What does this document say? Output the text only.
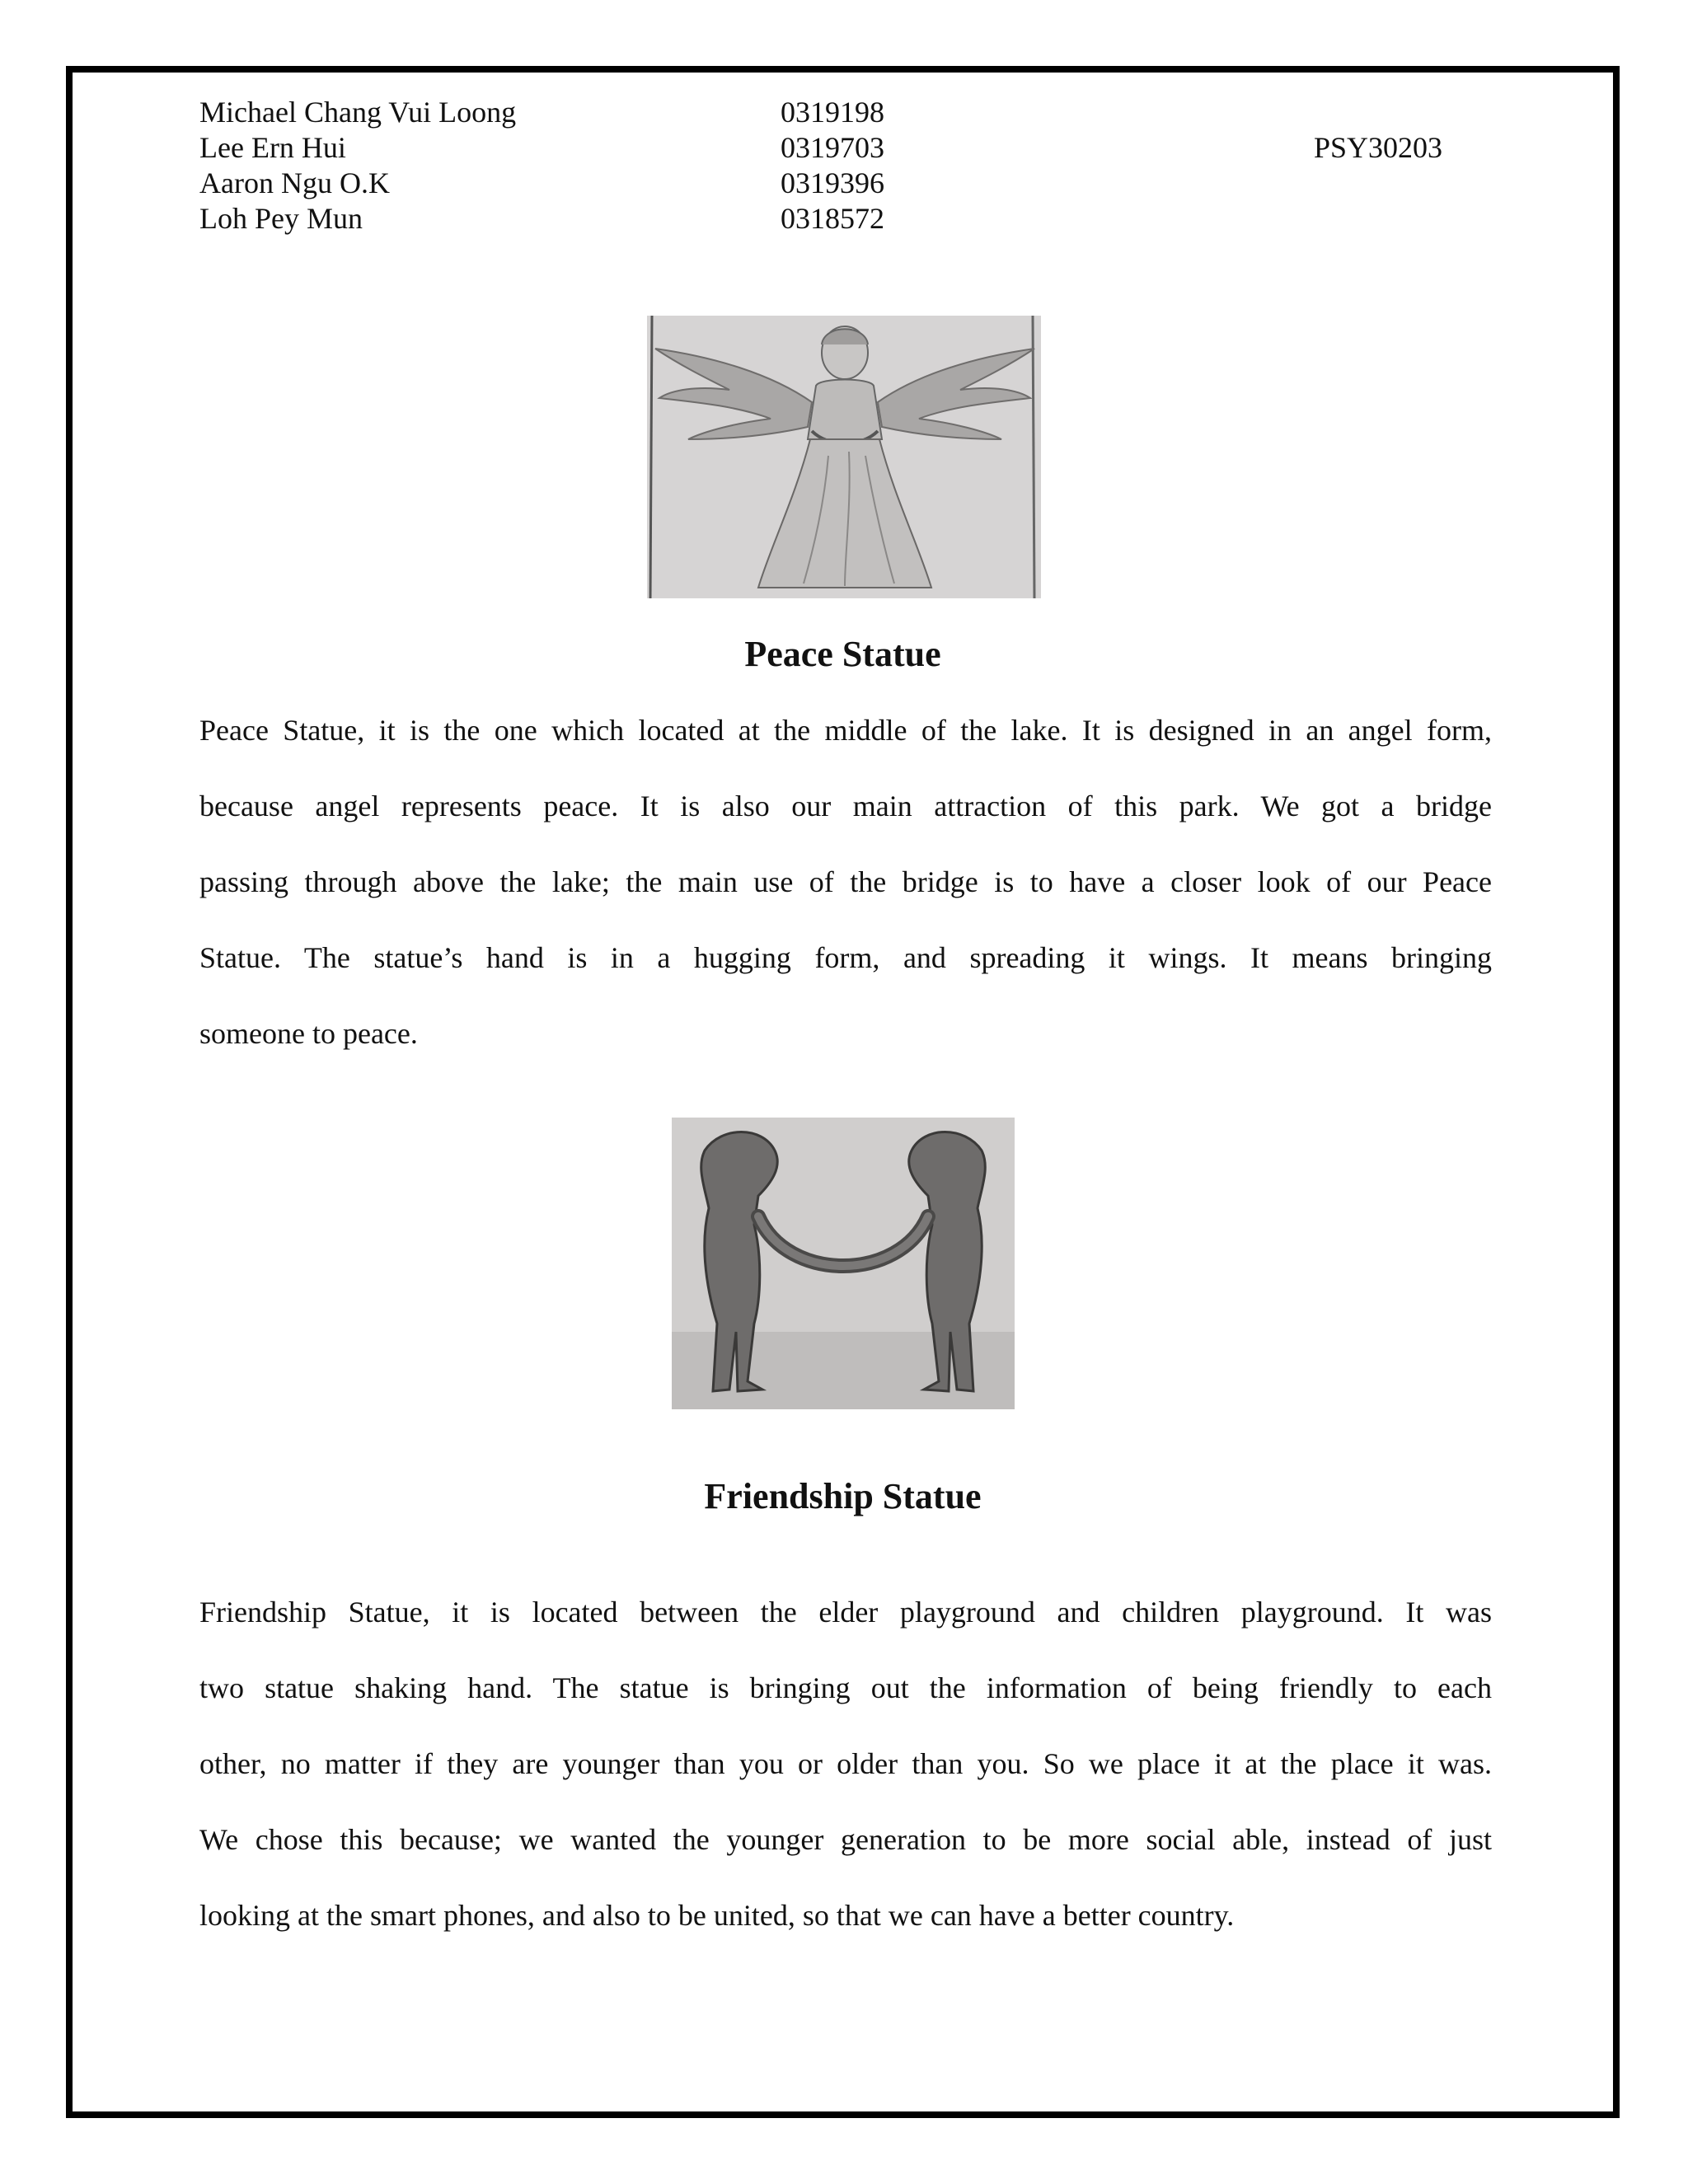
Michael Chang Vui Loong	0319198
Lee Ern Hui	0319703
Aaron Ngu O.K	0319396
Loh Pey Mun	0318572
PSY30203
Peace Statue
Peace Statue, it is the one which located at the middle of the lake. It is designed in an angel form,
because angel represents peace. It is also our main attraction of this park. We got a bridge
passing through above the lake; the main use of the bridge is to have a closer look of our Peace
Statue. The statue’s hand is in a hugging form, and spreading it wings. It means bringing
someone to peace.
Friendship Statue
Friendship Statue, it is located between the elder playground and children playground. It was
two statue shaking hand. The statue is bringing out the information of being friendly to each
other, no matter if they are younger than you or older than you. So we place it at the place it was.
We chose this because; we wanted the younger generation to be more social able, instead of just
looking at the smart phones, and also to be united, so that we can have a better country.
